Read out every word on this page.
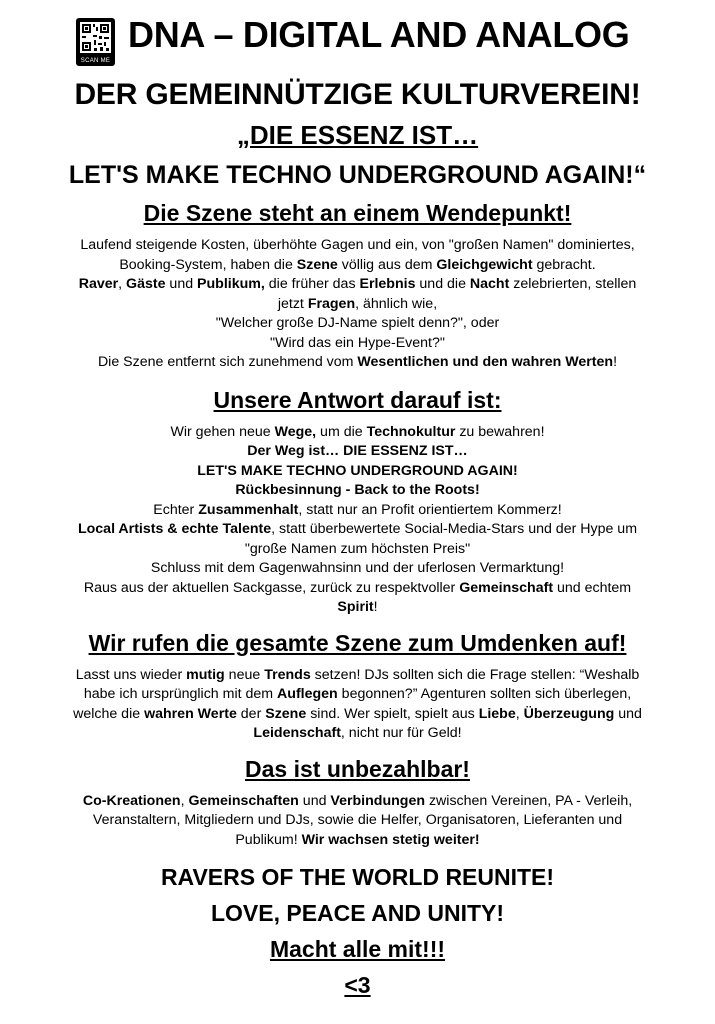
SCAN ME
DNA – DIGITAL AND ANALOG
DER GEMEINNÜTZIGE KULTURVEREIN!
„DIE ESSENZ IST…
LET'S MAKE TECHNO UNDERGROUND AGAIN!“
Die Szene steht an einem Wendepunkt!
Laufend steigende Kosten, überhöhte Gagen und ein, von "großen Namen" dominiertes,
Booking-System, haben die Szene völlig aus dem Gleichgewicht gebracht.
Raver, Gäste und Publikum, die früher das Erlebnis und die Nacht zelebrierten, stellen
jetzt Fragen, ähnlich wie,
"Welcher große DJ-Name spielt denn?", oder
"Wird das ein Hype-Event?"
Die Szene entfernt sich zunehmend vom Wesentlichen und den wahren Werten!
Unsere Antwort darauf ist:
Wir gehen neue Wege, um die Technokultur zu bewahren!
Der Weg ist… DIE ESSENZ IST…
LET'S MAKE TECHNO UNDERGROUND AGAIN!
Rückbesinnung - Back to the Roots!
Echter Zusammenhalt, statt nur an Profit orientiertem Kommerz!
Local Artists & echte Talente, statt überbewertete Social-Media-Stars und der Hype um
"große Namen zum höchsten Preis"
Schluss mit dem Gagenwahnsinn und der uferlosen Vermarktung!
Raus aus der aktuellen Sackgasse, zurück zu respektvoller Gemeinschaft und echtem
Spirit!
Wir rufen die gesamte Szene zum Umdenken auf!
Lasst uns wieder mutig neue Trends setzen! DJs sollten sich die Frage stellen: “Weshalb
habe ich ursprünglich mit dem Auflegen begonnen?” Agenturen sollten sich überlegen,
welche die wahren Werte der Szene sind. Wer spielt, spielt aus Liebe, Überzeugung und
Leidenschaft, nicht nur für Geld!
Das ist unbezahlbar!
Co-Kreationen, Gemeinschaften und Verbindungen zwischen Vereinen, PA - Verleih,
Veranstaltern, Mitgliedern und DJs, sowie die Helfer, Organisatoren, Lieferanten und
Publikum! Wir wachsen stetig weiter!
RAVERS OF THE WORLD REUNITE!
LOVE, PEACE AND UNITY!
Macht alle mit!!!
<3
